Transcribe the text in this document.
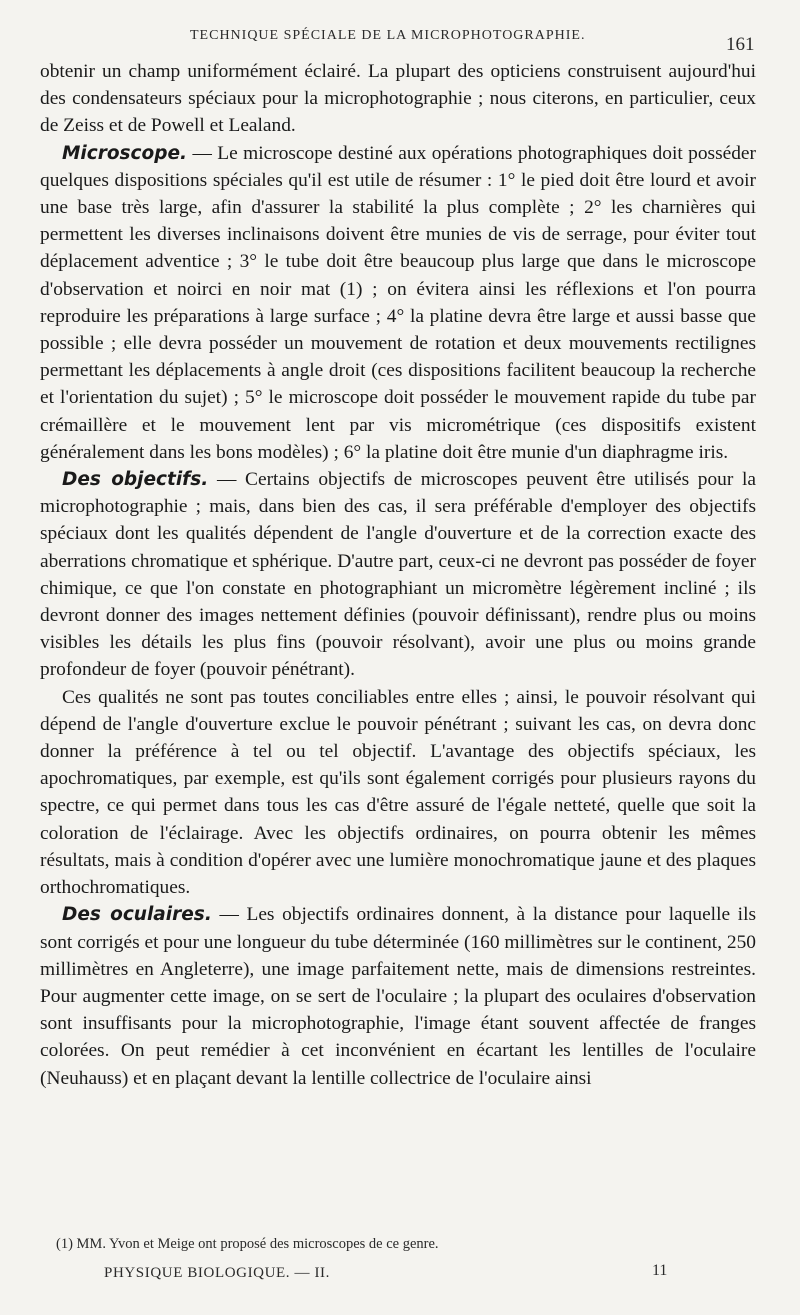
TECHNIQUE SPÉCIALE DE LA MICROPHOTOGRAPHIE.	161

obtenir un champ uniformément éclairé. La plupart des opticiens construisent aujourd'hui des condensateurs spéciaux pour la microphotographie ; nous citerons, en particulier, ceux de Zeiss et de Powell et Lealand.

Microscope. — Le microscope destiné aux opérations photographiques doit posséder quelques dispositions spéciales qu'il est utile de résumer : 1° le pied doit être lourd et avoir une base très large, afin d'assurer la stabilité la plus complète ; 2° les charnières qui permettent les diverses inclinaisons doivent être munies de vis de serrage, pour éviter tout déplacement adventice ; 3° le tube doit être beaucoup plus large que dans le microscope d'observation et noirci en noir mat (1) ; on évitera ainsi les réflexions et l'on pourra reproduire les préparations à large surface ; 4° la platine devra être large et aussi basse que possible ; elle devra posséder un mouvement de rotation et deux mouvements rectilignes permettant les déplacements à angle droit (ces dispositions facilitent beaucoup la recherche et l'orientation du sujet) ; 5° le microscope doit posséder le mouvement rapide du tube par crémaillère et le mouvement lent par vis micrométrique (ces dispositifs existent généralement dans les bons modèles) ; 6° la platine doit être munie d'un diaphragme iris.

Des objectifs. — Certains objectifs de microscopes peuvent être utilisés pour la microphotographie ; mais, dans bien des cas, il sera préférable d'employer des objectifs spéciaux dont les qualités dépendent de l'angle d'ouverture et de la correction exacte des aberrations chromatique et sphérique. D'autre part, ceux-ci ne devront pas posséder de foyer chimique, ce que l'on constate en photographiant un micromètre légèrement incliné ; ils devront donner des images nettement définies (pouvoir définissant), rendre plus ou moins visibles les détails les plus fins (pouvoir résolvant), avoir une plus ou moins grande profondeur de foyer (pouvoir pénétrant).

Ces qualités ne sont pas toutes conciliables entre elles ; ainsi, le pouvoir résolvant qui dépend de l'angle d'ouverture exclue le pouvoir pénétrant ; suivant les cas, on devra donc donner la préférence à tel ou tel objectif. L'avantage des objectifs spéciaux, les apochromatiques, par exemple, est qu'ils sont également corrigés pour plusieurs rayons du spectre, ce qui permet dans tous les cas d'être assuré de l'égale netteté, quelle que soit la coloration de l'éclairage. Avec les objectifs ordinaires, on pourra obtenir les mêmes résultats, mais à condition d'opérer avec une lumière monochromatique jaune et des plaques orthochromatiques.

Des oculaires. — Les objectifs ordinaires donnent, à la distance pour laquelle ils sont corrigés et pour une longueur du tube déterminée (160 millimètres sur le continent, 250 millimètres en Angleterre), une image parfaitement nette, mais de dimensions restreintes. Pour augmenter cette image, on se sert de l'oculaire ; la plupart des oculaires d'observation sont insuffisants pour la microphotographie, l'image étant souvent affectée de franges colorées. On peut remédier à cet inconvénient en écartant les lentilles de l'oculaire (Neuhauss) et en plaçant devant la lentille collectrice de l'oculaire ainsi

(1) MM. Yvon et Meige ont proposé des microscopes de ce genre.
PHYSIQUE BIOLOGIQUE. — II.	11
